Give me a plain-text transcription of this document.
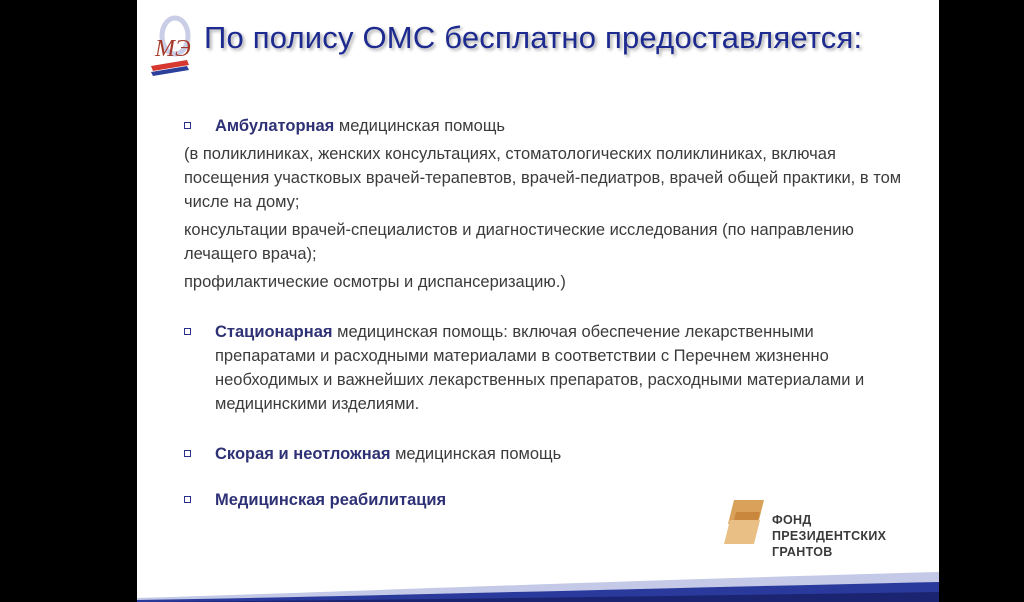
МЭ По полису ОМС бесплатно предоставляется:
Амбулаторная медицинская помощь
(в поликлиниках, женских консультациях, стоматологических поликлиниках, включая посещения участковых врачей-терапевтов, врачей-педиатров, врачей общей практики, в том числе на дому;
консультации врачей-специалистов и диагностические исследования (по направлению лечащего врача);
профилактические осмотры и диспансеризацию.)
Стационарная медицинская помощь: включая обеспечение лекарственными препаратами и расходными материалами в соответствии с Перечнем жизненно необходимых и важнейших лекарственных препаратов, расходными материалами и медицинскими изделиями.
Скорая и неотложная медицинская помощь
Медицинская реабилитация
ФОНД
ПРЕЗИДЕНТСКИХ
ГРАНТОВ
